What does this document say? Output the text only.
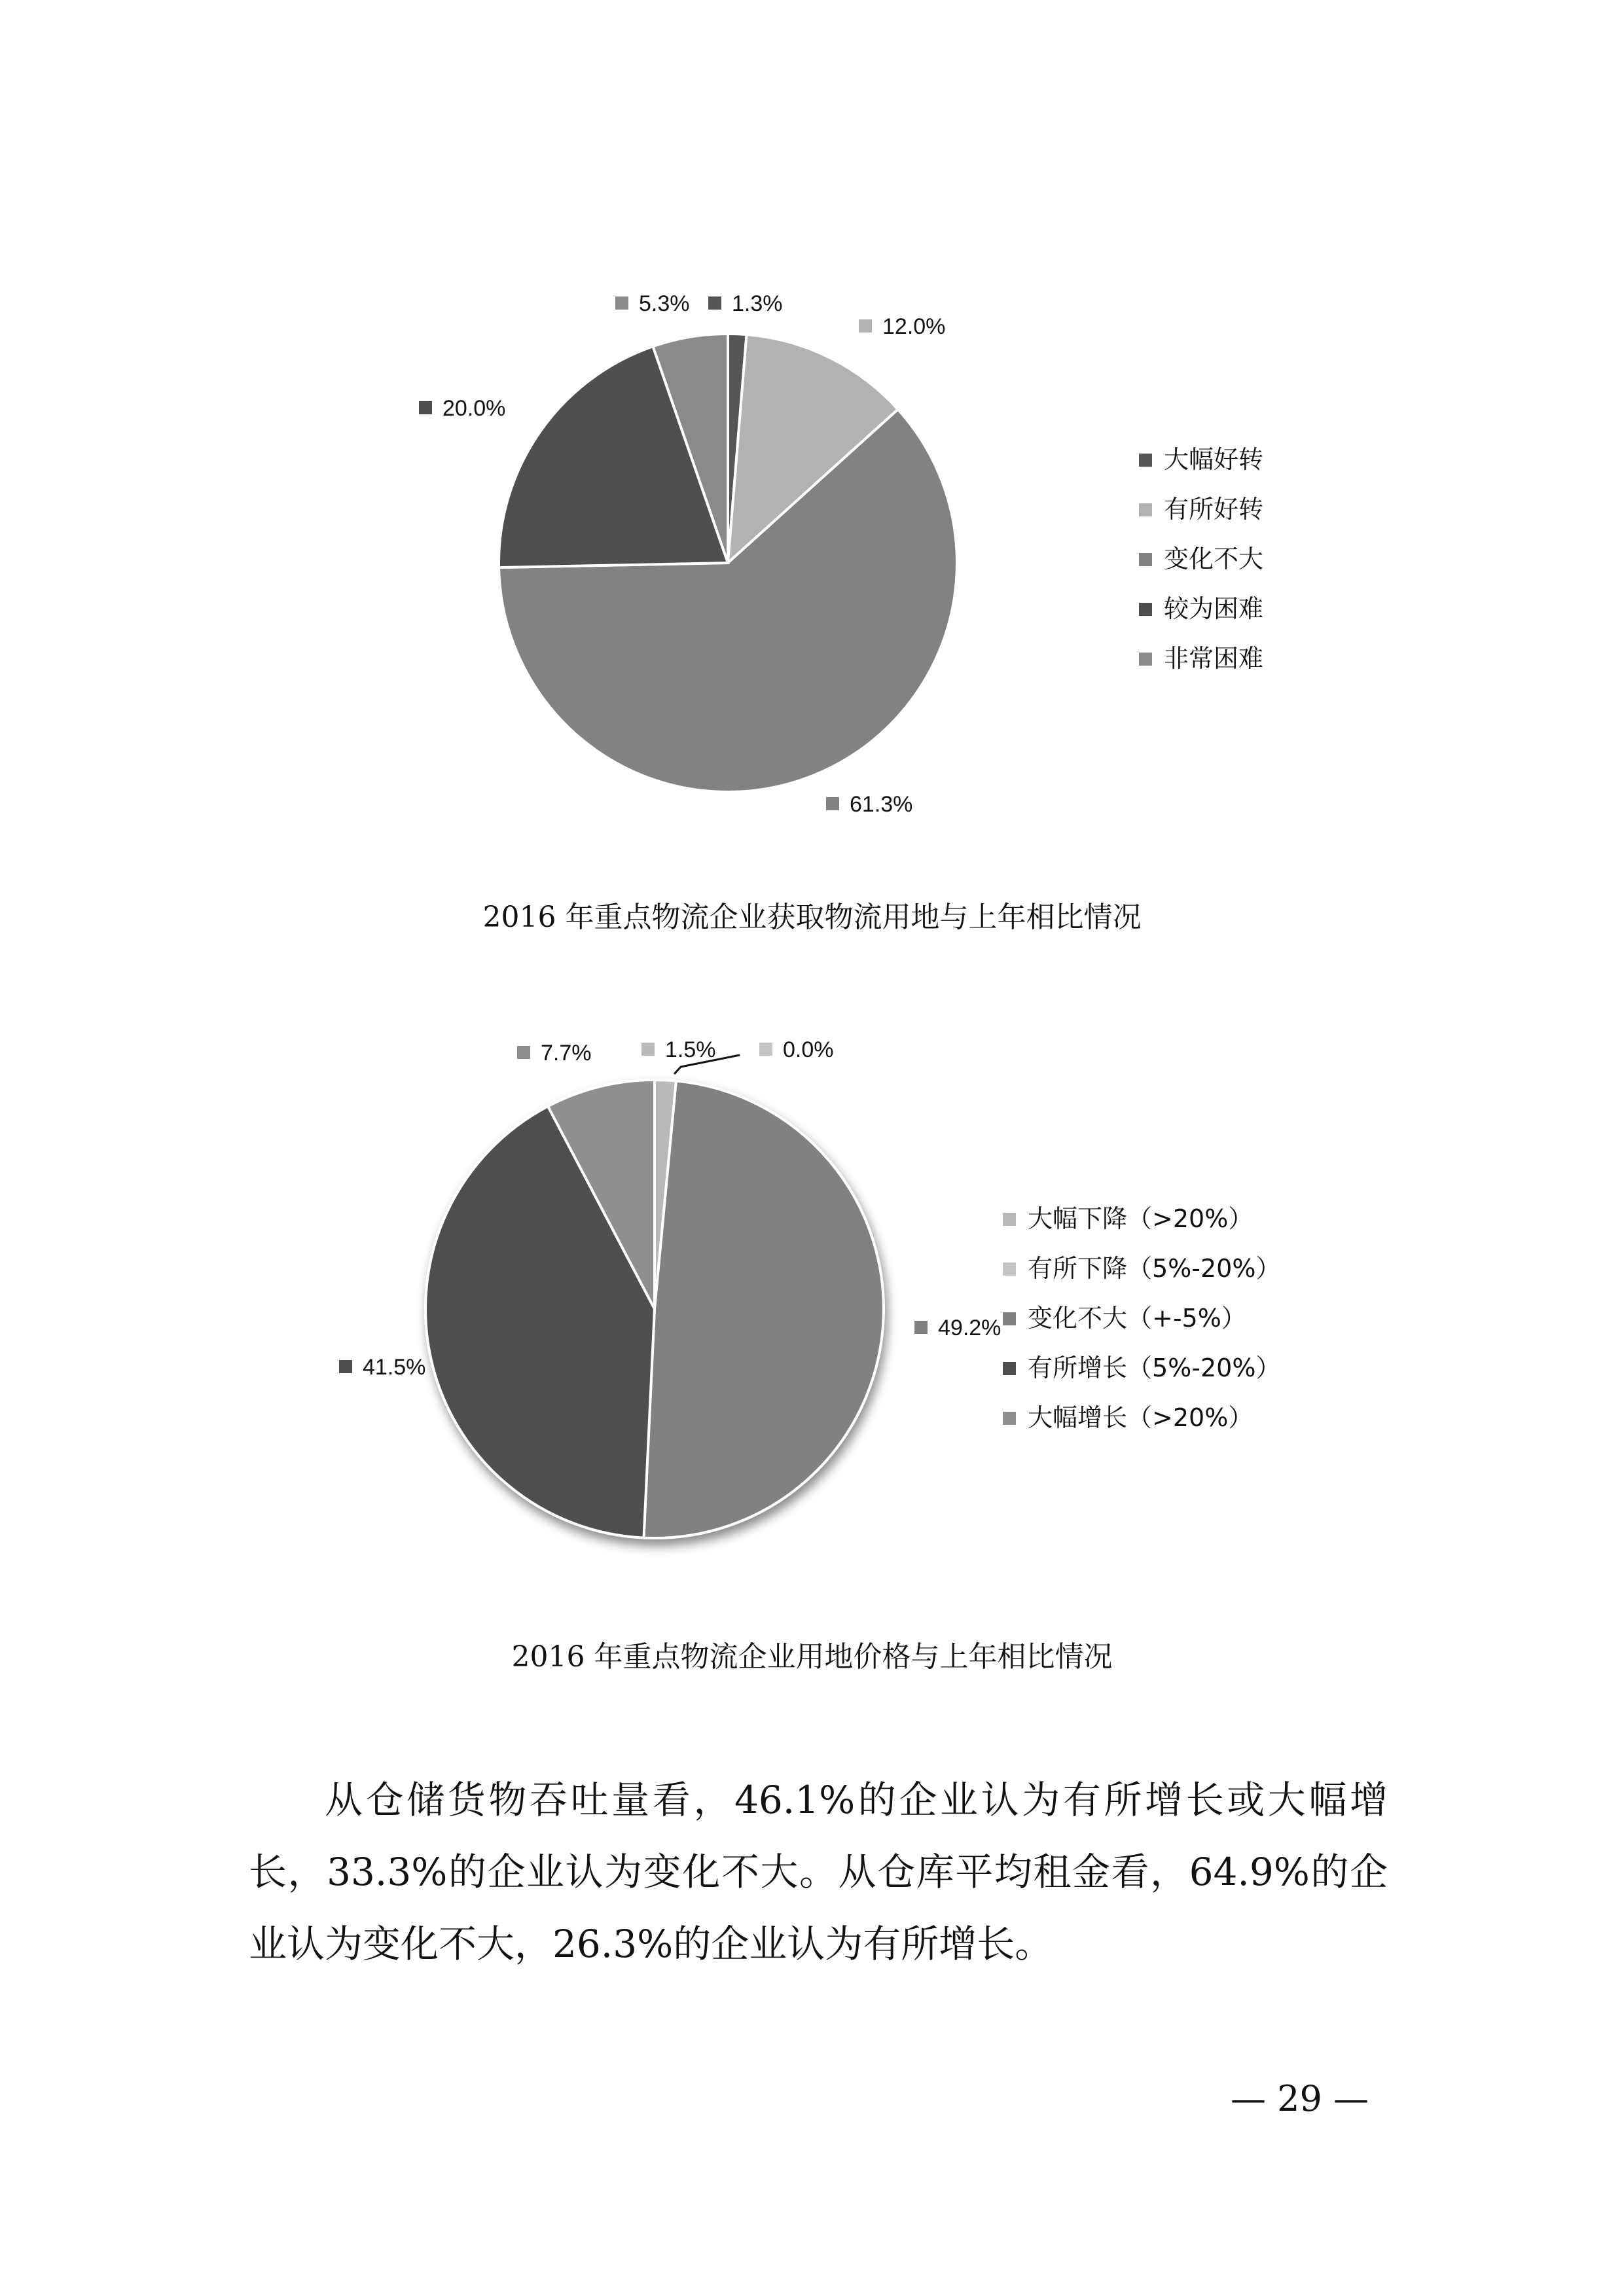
1.3%
12.0%
61.3%
20.0%
5.3%
大幅好转
有所好转
变化不大
较为困难
非常困难
2016 年重点物流企业获取物流用地与上年相比情况
1.5%	0.0%
49.2%
41.5%
7.7%
大幅下降（>20%）
有所下降（5%-20%）
变化不大（+-5%）
有所增长（5%-20%）
大幅增长（>20%）
2016 年重点物流企业用地价格与上年相比情况
从仓储货物吞吐量看，46.1%的企业认为有所增长或大幅增长，33.3%的企业认为变化不大。从仓库平均租金看，64.9%的企业认为变化不大，26.3%的企业认为有所增长。
— 29 —
